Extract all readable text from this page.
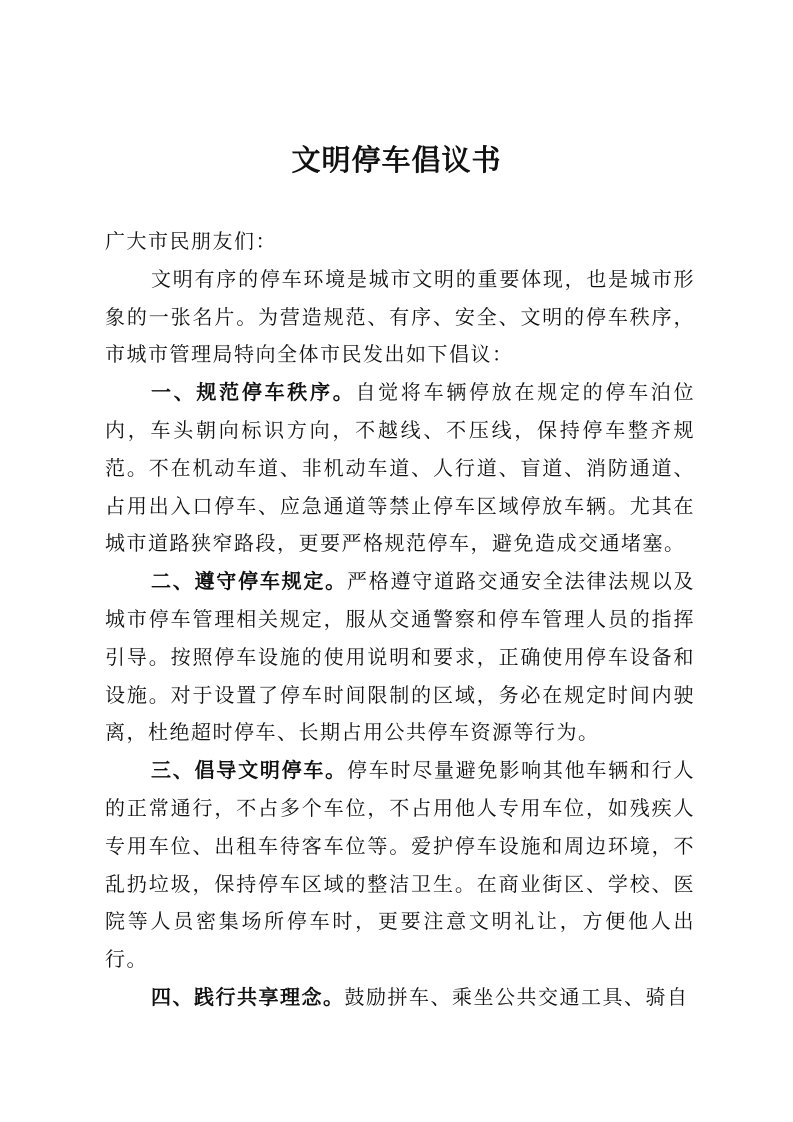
文明停车倡议书

广大市民朋友们：

文明有序的停车环境是城市文明的重要体现，也是城市形象的一张名片。为营造规范、有序、安全、文明的停车秩序，市城市管理局特向全体市民发出如下倡议：

一、规范停车秩序。自觉将车辆停放在规定的停车泊位内，车头朝向标识方向，不越线、不压线，保持停车整齐规范。不在机动车道、非机动车道、人行道、盲道、消防通道、占用出入口停车、应急通道等禁止停车区域停放车辆。尤其在城市道路狭窄路段，更要严格规范停车，避免造成交通堵塞。

二、遵守停车规定。严格遵守道路交通安全法律法规以及城市停车管理相关规定，服从交通警察和停车管理人员的指挥引导。按照停车设施的使用说明和要求，正确使用停车设备和设施。对于设置了停车时间限制的区域，务必在规定时间内驶离，杜绝超时停车、长期占用公共停车资源等行为。

三、倡导文明停车。停车时尽量避免影响其他车辆和行人的正常通行，不占多个车位，不占用他人专用车位，如残疾人专用车位、出租车待客车位等。爱护停车设施和周边环境，不乱扔垃圾，保持停车区域的整洁卫生。在商业街区、学校、医院等人员密集场所停车时，更要注意文明礼让，方便他人出行。

四、践行共享理念。鼓励拼车、乘坐公共交通工具、骑自
